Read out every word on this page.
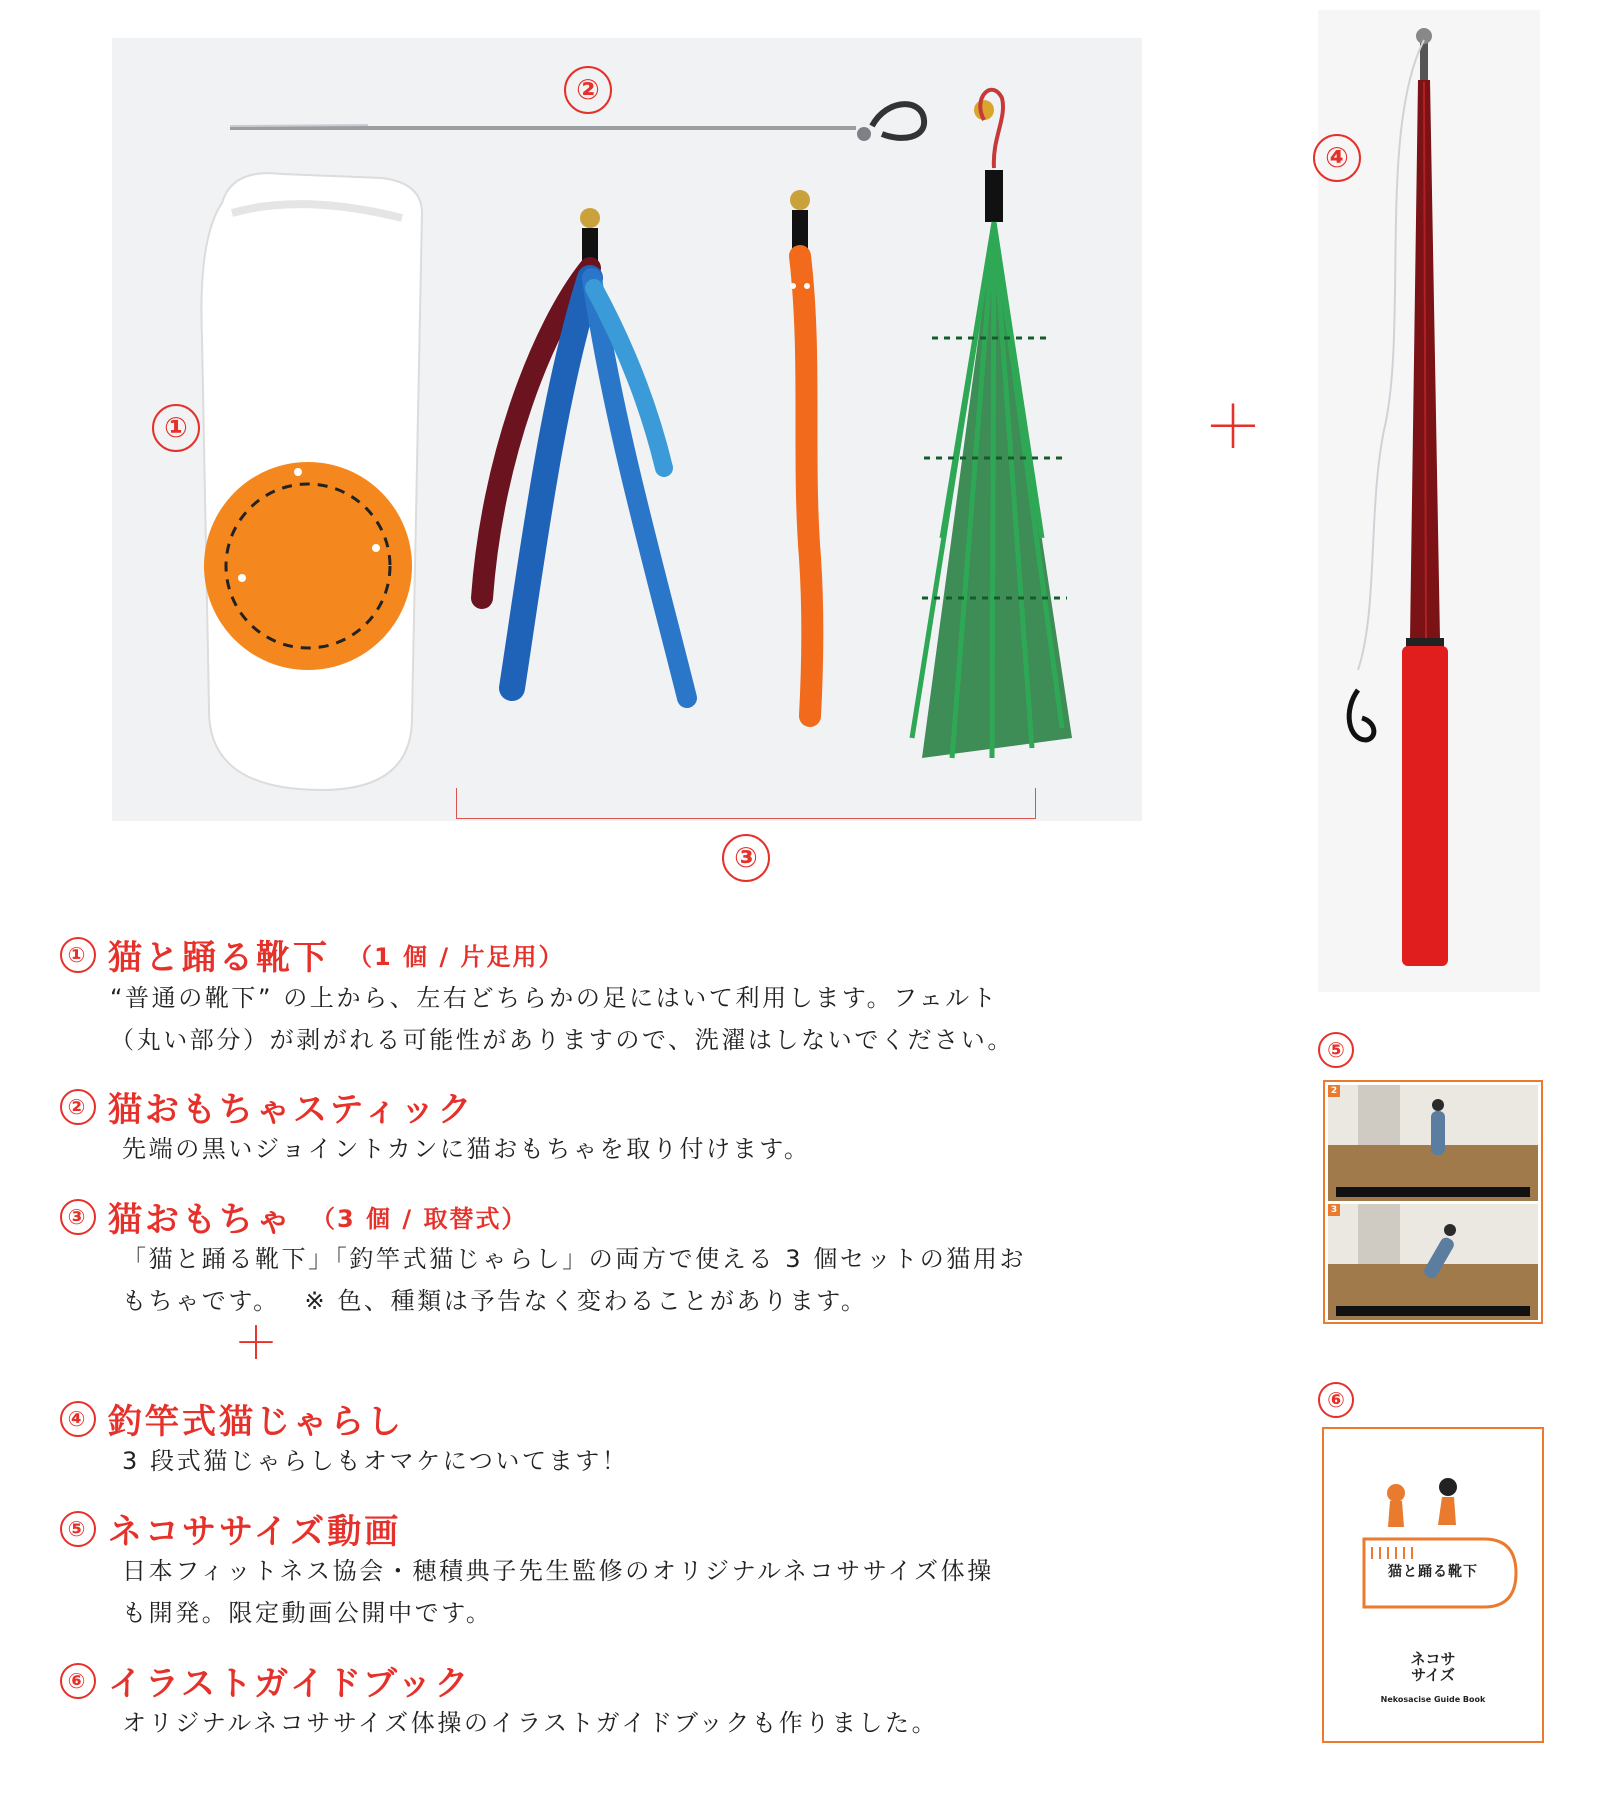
②
①
③
＋
④
⑤
2
3
⑥
猫と踊る靴下
ネコサ
サイズ
Nekosacise Guide Book
① 猫と踊る靴下 （1 個 / 片足用）
“普通の靴下” の上から、左右どちらかの足にはいて利用します。フェルト
（丸い部分）が剥がれる可能性がありますので、洗濯はしないでください。
② 猫おもちゃスティック
先端の黒いジョイントカンに猫おもちゃを取り付けます。
③ 猫おもちゃ （3 個 / 取替式）
「猫と踊る靴下」「釣竿式猫じゃらし」の両方で使える 3 個セットの猫用お
もちゃです。　 ※ 色、種類は予告なく変わることがあります。
＋
④ 釣竿式猫じゃらし
3 段式猫じゃらしもオマケについてます！
⑤ ネコササイズ動画
日本フィットネス協会・穂積典子先生監修のオリジナルネコササイズ体操
も開発。限定動画公開中です。
⑥ イラストガイドブック
オリジナルネコササイズ体操のイラストガイドブックも作りました。
